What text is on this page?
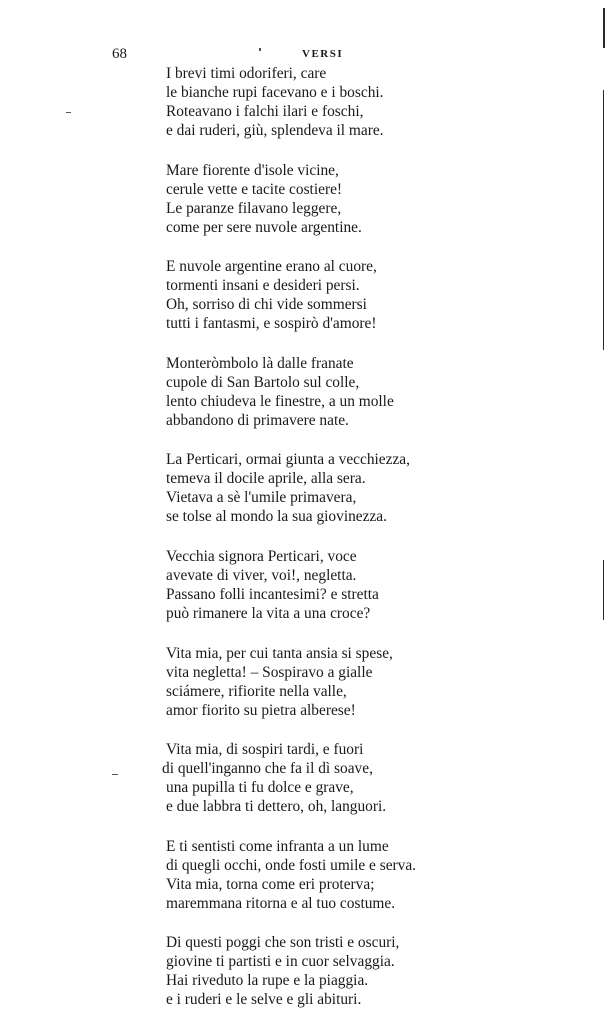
68	VERSI
I brevi timi odoriferi, care
le bianche rupi facevano e i boschi.
Roteavano i falchi ilari e foschi,
e dai ruderi, giù, splendeva il mare.
Mare fiorente d'isole vicine,
cerule vette e tacite costiere!
Le paranze filavano leggere,
come per sere nuvole argentine.
E nuvole argentine erano al cuore,
tormenti insani e desideri persi.
Oh, sorriso di chi vide sommersi
tutti i fantasmi, e sospirò d'amore!
Monteròmbolo là dalle franate
cupole di San Bartolo sul colle,
lento chiudeva le finestre, a un molle
abbandono di primavere nate.
La Perticari, ormai giunta a vecchiezza,
temeva il docile aprile, alla sera.
Vietava a sè l'umile primavera,
se tolse al mondo la sua giovinezza.
Vecchia signora Perticari, voce
avevate di viver, voi!, negletta.
Passano folli incantesimi? e stretta
può rimanere la vita a una croce?
Vita mia, per cui tanta ansia si spese,
vita negletta! – Sospiravo a gialle
sciámere, rifiorite nella valle,
amor fiorito su pietra alberese!
Vita mia, di sospiri tardi, e fuori
di quell'inganno che fa il dì soave,
una pupilla ti fu dolce e grave,
e due labbra ti dettero, oh, languori.
E ti sentisti come infranta a un lume
di quegli occhi, onde fosti umile e serva.
Vita mia, torna come eri proterva;
maremmana ritorna e al tuo costume.
Di questi poggi che son tristi e oscuri,
giovine ti partisti e in cuor selvaggia.
Hai riveduto la rupe e la piaggia.
e i ruderi e le selve e gli abituri.
